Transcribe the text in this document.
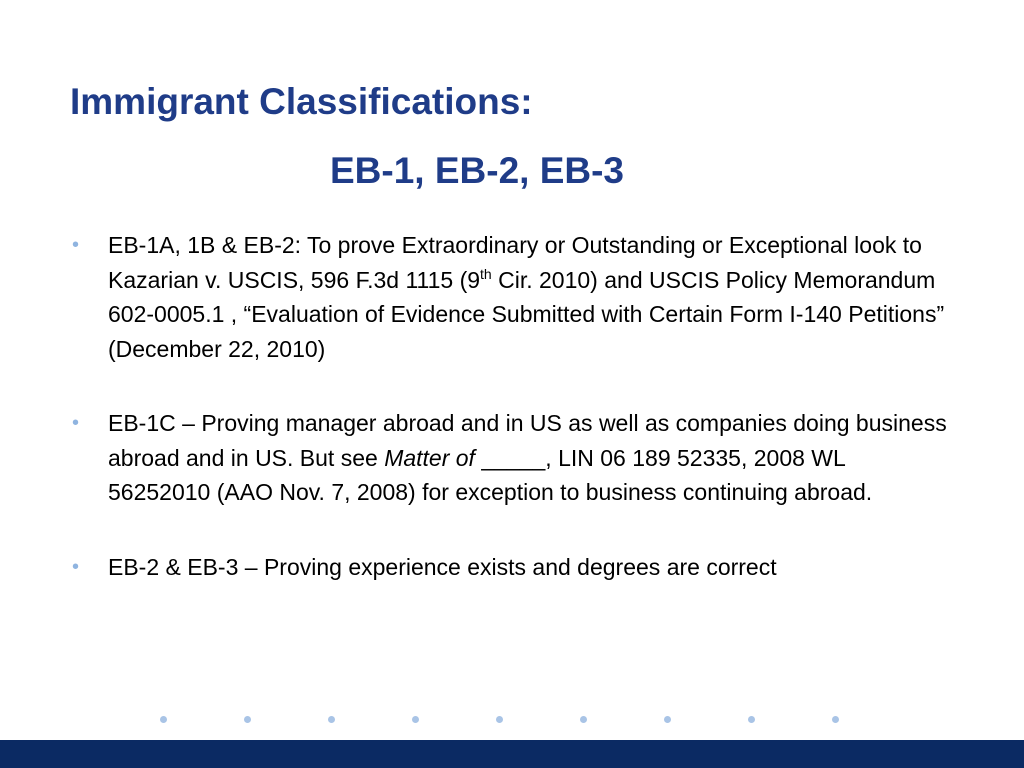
Immigrant Classifications:
EB-1, EB-2, EB-3
• EB-1A, 1B & EB-2: To prove Extraordinary or Outstanding or Exceptional look to Kazarian v. USCIS, 596 F.3d 1115 (9th Cir. 2010) and USCIS Policy Memorandum 602-0005.1 , “Evaluation of Evidence Submitted with Certain Form I-140 Petitions” (December 22, 2010)
• EB-1C – Proving manager abroad and in US as well as companies doing business abroad and in US. But see Matter of _____, LIN 06 189 52335, 2008 WL 56252010 (AAO Nov. 7, 2008) for exception to business continuing abroad.
• EB-2 & EB-3 – Proving experience exists and degrees are correct
